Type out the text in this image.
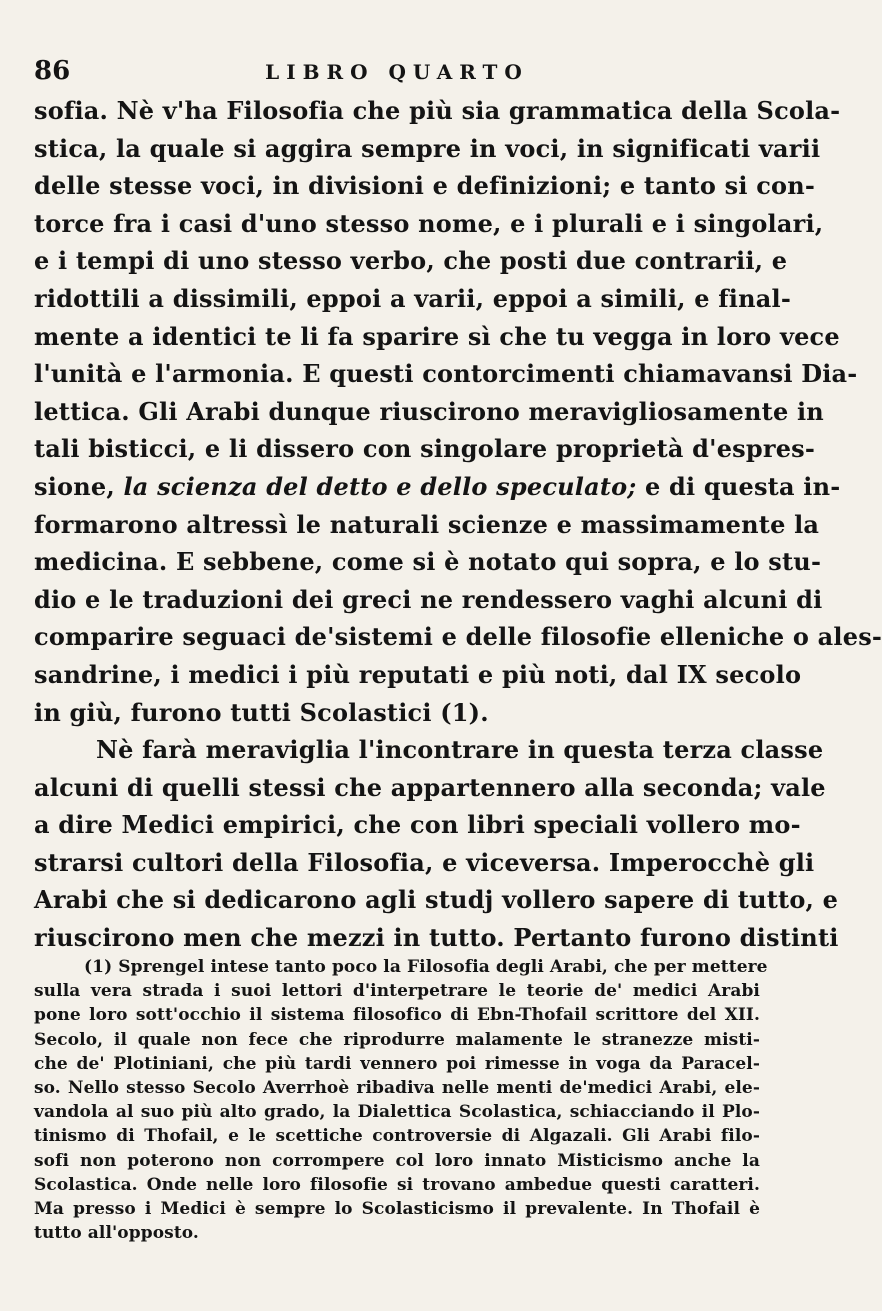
86	LIBRO QUARTO
sofia. Nè v'ha Filosofia che più sia grammatica della Scola-
stica, la quale si aggira sempre in voci, in significati varii
delle stesse voci, in divisioni e definizioni; e tanto si con-
torce fra i casi d'uno stesso nome, e i plurali e i singolari,
e i tempi di uno stesso verbo, che posti due contrarii, e
ridottili a dissimili, eppoi a varii, eppoi a simili, e final-
mente a identici te li fa sparire sì che tu vegga in loro vece
l'unità e l'armonia. E questi contorcimenti chiamavansi Dia-
lettica. Gli Arabi dunque riuscirono meravigliosamente in
tali bisticci, e li dissero con singolare proprietà d'espres-
sione, la scienza del detto e dello speculato; e di questa in-
formarono altressì le naturali scienze e massimamente la
medicina. E sebbene, come si è notato qui sopra, e lo stu-
dio e le traduzioni dei greci ne rendessero vaghi alcuni di
comparire seguaci de'sistemi e delle filosofie elleniche o ales-
sandrine, i medici i più reputati e più noti, dal IX secolo
in giù, furono tutti Scolastici (1).
Nè farà meraviglia l'incontrare in questa terza classe
alcuni di quelli stessi che appartennero alla seconda; vale
a dire Medici empirici, che con libri speciali vollero mo-
strarsi cultori della Filosofia, e viceversa. Imperocchè gli
Arabi che si dedicarono agli studj vollero sapere di tutto, e
riuscirono men che mezzi in tutto. Pertanto furono distinti
(1) Sprengel intese tanto poco la Filosofia degli Arabi, che per mettere
sulla vera strada i suoi lettori d'interpetrare le teorie de' medici Arabi
pone loro sott'occhio il sistema filosofico di Ebn-Thofail scrittore del XII.
Secolo, il quale non fece che riprodurre malamente le stranezze misti-
che de' Plotiniani, che più tardi vennero poi rimesse in voga da Paracel-
so. Nello stesso Secolo Averrhoè ribadiva nelle menti de'medici Arabi, ele-
vandola al suo più alto grado, la Dialettica Scolastica, schiacciando il Plo-
tinismo di Thofail, e le scettiche controversie di Algazali. Gli Arabi filo-
sofi non poterono non corrompere col loro innato Misticismo anche la
Scolastica. Onde nelle loro filosofie si trovano ambedue questi caratteri.
Ma presso i Medici è sempre lo Scolasticismo il prevalente. In Thofail è
tutto all'opposto.
